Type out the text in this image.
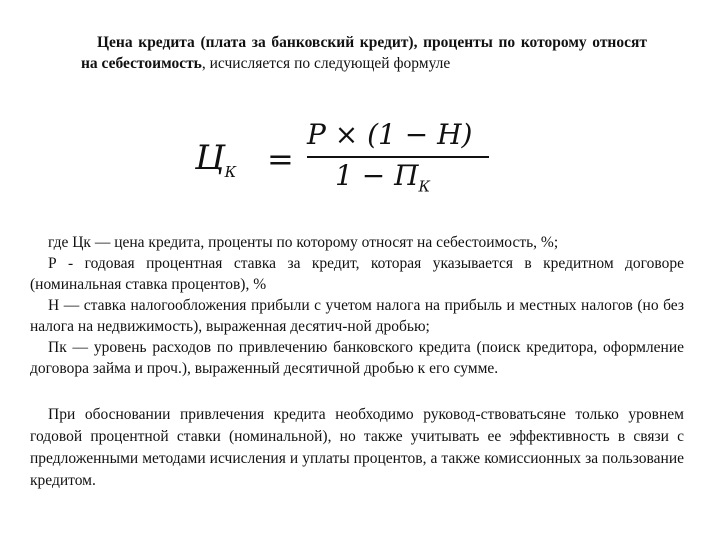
Цена кредита (плата за банковский кредит), проценты по которому относят на себестоимость, исчисляется по следующей формуле
$Ц_К$ =
Р × (1 − Н)
$1 - П_К$

где Цк — цена кредита, проценты по которому относят на себестоимость, %;

Р - годовая процентная ставка за кредит, которая указывается в кредитном договоре (номинальная ставка процентов), %

Н — ставка налогообложения прибыли с учетом налога на прибыль и местных налогов (но без налога на недвижимость), выраженная десятич-ной дробью;

Пк — уровень расходов по привлечению банковского кредита (поиск кредитора, оформление договора займа и проч.), выраженный десятичной дробью к его сумме.

При обосновании привлечения кредита необходимо руковод-ствоватьсяне только уровнем годовой процентной ставки (номинальной), но также учитывать ее эффективность в связи с предложенными методами исчисления и уплаты процентов, а также комиссионных за пользование кредитом.
